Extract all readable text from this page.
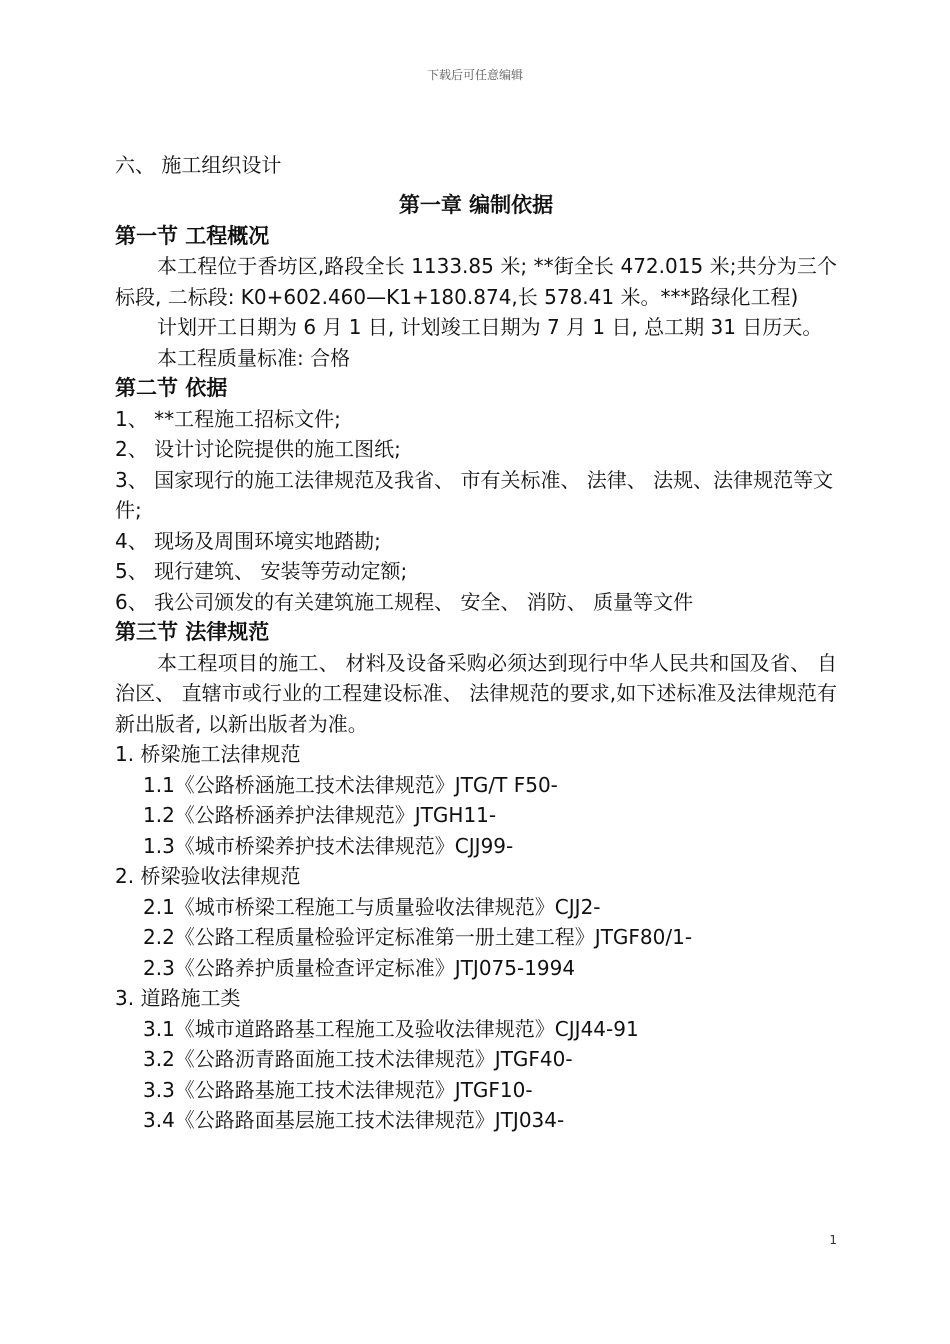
下载后可任意编辑

六、 施工组织设计

第一章 编制依据

第一节 工程概况

本工程位于香坊区,路段全长 1133.85 米; **街全长 472.015 米;共分为三个标段, 二标段: K0+602.460—K1+180.874,长 578.41 米。***路绿化工程)

计划开工日期为 6 月 1 日, 计划竣工日期为 7 月 1 日, 总工期 31 日历天。

本工程质量标准: 合格

第二节 依据

1、 **工程施工招标文件;

2、 设计讨论院提供的施工图纸;

3、 国家现行的施工法律规范及我省、 市有关标准、 法律、 法规、法律规范等文件;

4、 现场及周围环境实地踏勘;

5、 现行建筑、 安装等劳动定额;

6、 我公司颁发的有关建筑施工规程、 安全、 消防、 质量等文件

第三节 法律规范

本工程项目的施工、 材料及设备采购必须达到现行中华人民共和国及省、 自治区、 直辖市或行业的工程建设标准、 法律规范的要求,如下述标准及法律规范有新出版者, 以新出版者为准。

1. 桥梁施工法律规范

1.1《公路桥涵施工技术法律规范》JTG/T F50-

1.2《公路桥涵养护法律规范》JTGH11-

1.3《城市桥梁养护技术法律规范》CJJ99-

2. 桥梁验收法律规范

2.1《城市桥梁工程施工与质量验收法律规范》CJJ2-

2.2《公路工程质量检验评定标准第一册土建工程》JTGF80/1-

2.3《公路养护质量检查评定标准》JTJ075-1994

3. 道路施工类

3.1《城市道路路基工程施工及验收法律规范》CJJ44-91

3.2《公路沥青路面施工技术法律规范》JTGF40-

3.3《公路路基施工技术法律规范》JTGF10-

3.4《公路路面基层施工技术法律规范》JTJ034-

1
